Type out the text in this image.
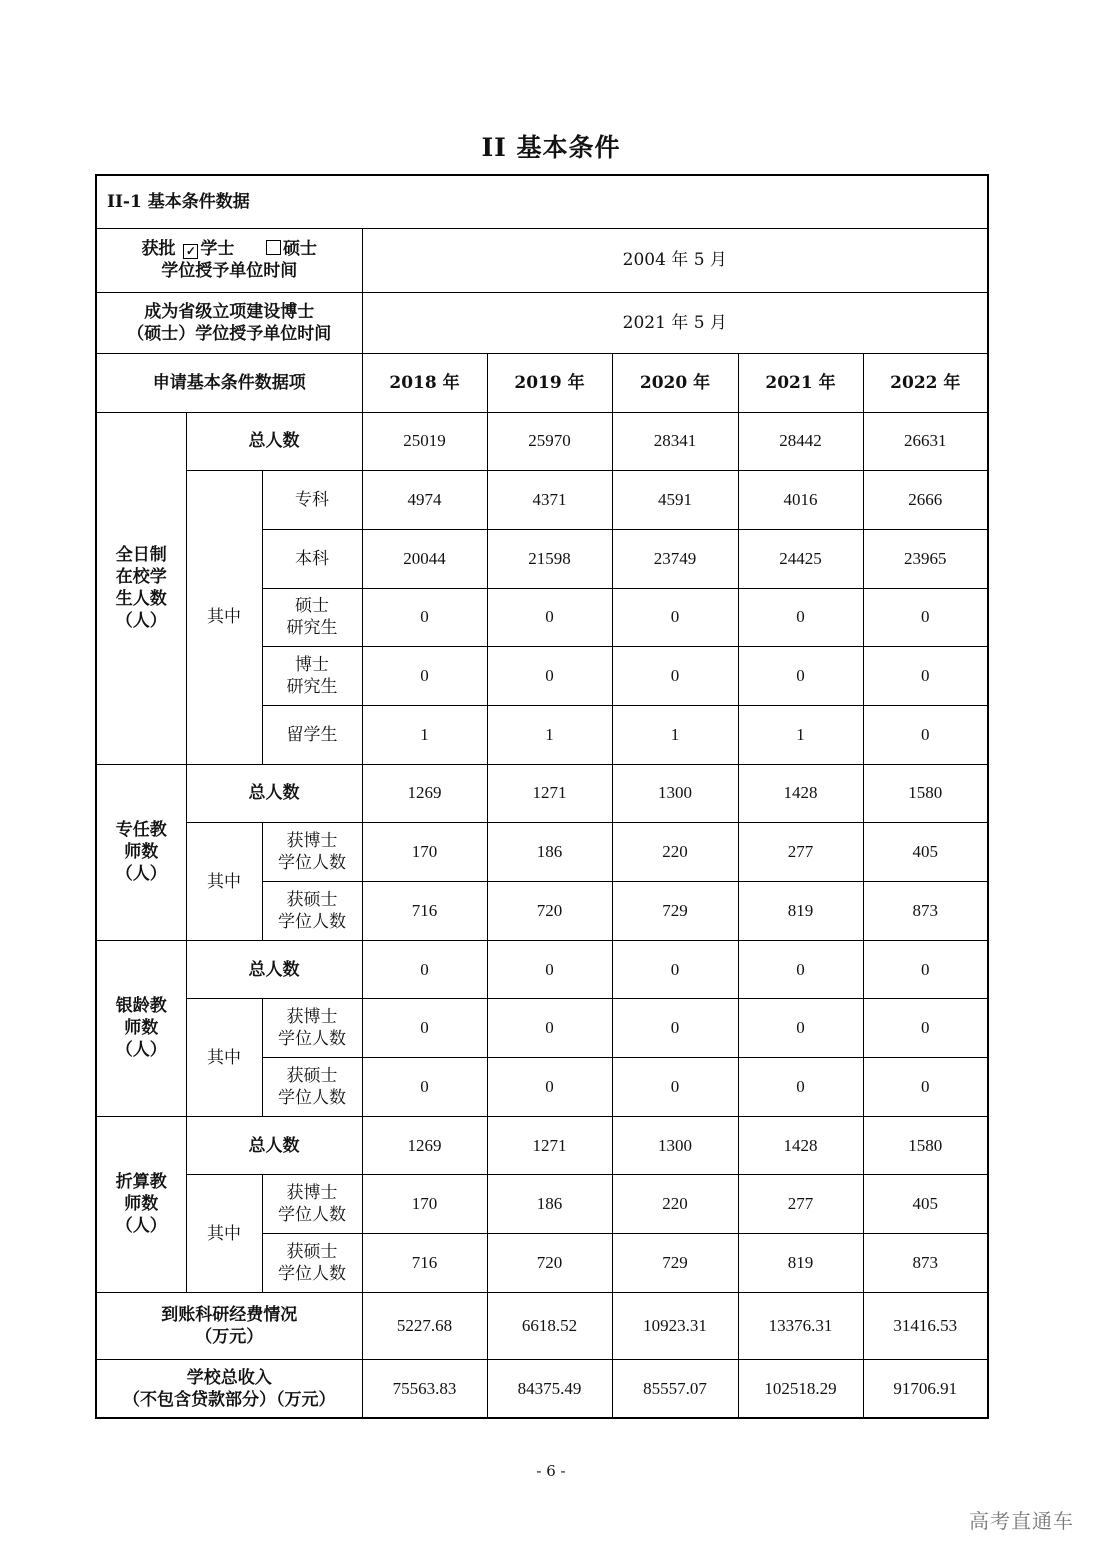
II 基本条件
II-1 基本条件数据							

获批 ✓ 学士 硕士
学位授予单位时间			2004 年 5 月				

成为省级立项建设博士
（硕士）学位授予单位时间			2021 年 5 月				
申请基本条件数据项			2018 年	2019 年	2020 年	2021 年	2022 年
全日制
在校学
生人数
（人）	总人数		25019	25970	28341	28442	26631
	其中	专科	4974	4371	4591	4016	2666
		本科	20044	21598	23749	24425	23965
		硕士
研究生	0	0	0	0	0
		博士
研究生	0	0	0	0	0
		留学生	1	1	1	1	0
专任教
师数
（人）	总人数		1269	1271	1300	1428	1580
	其中	获博士
学位人数	170	186	220	277	405
		获硕士
学位人数	716	720	729	819	873
银龄教
师数
（人）	总人数		0	0	0	0	0
	其中	获博士
学位人数	0	0	0	0	0
		获硕士
学位人数	0	0	0	0	0
折算教
师数
（人）	总人数		1269	1271	1300	1428	1580
	其中	获博士
学位人数	170	186	220	277	405
		获硕士
学位人数	716	720	729	819	873
到账科研经费情况
（万元）			5227.68	6618.52	10923.31	13376.31	31416.53
学校总收入
（不包含贷款部分）（万元）			75563.83	84375.49	85557.07	102518.29	91706.91
- 6 -
高考直通车
